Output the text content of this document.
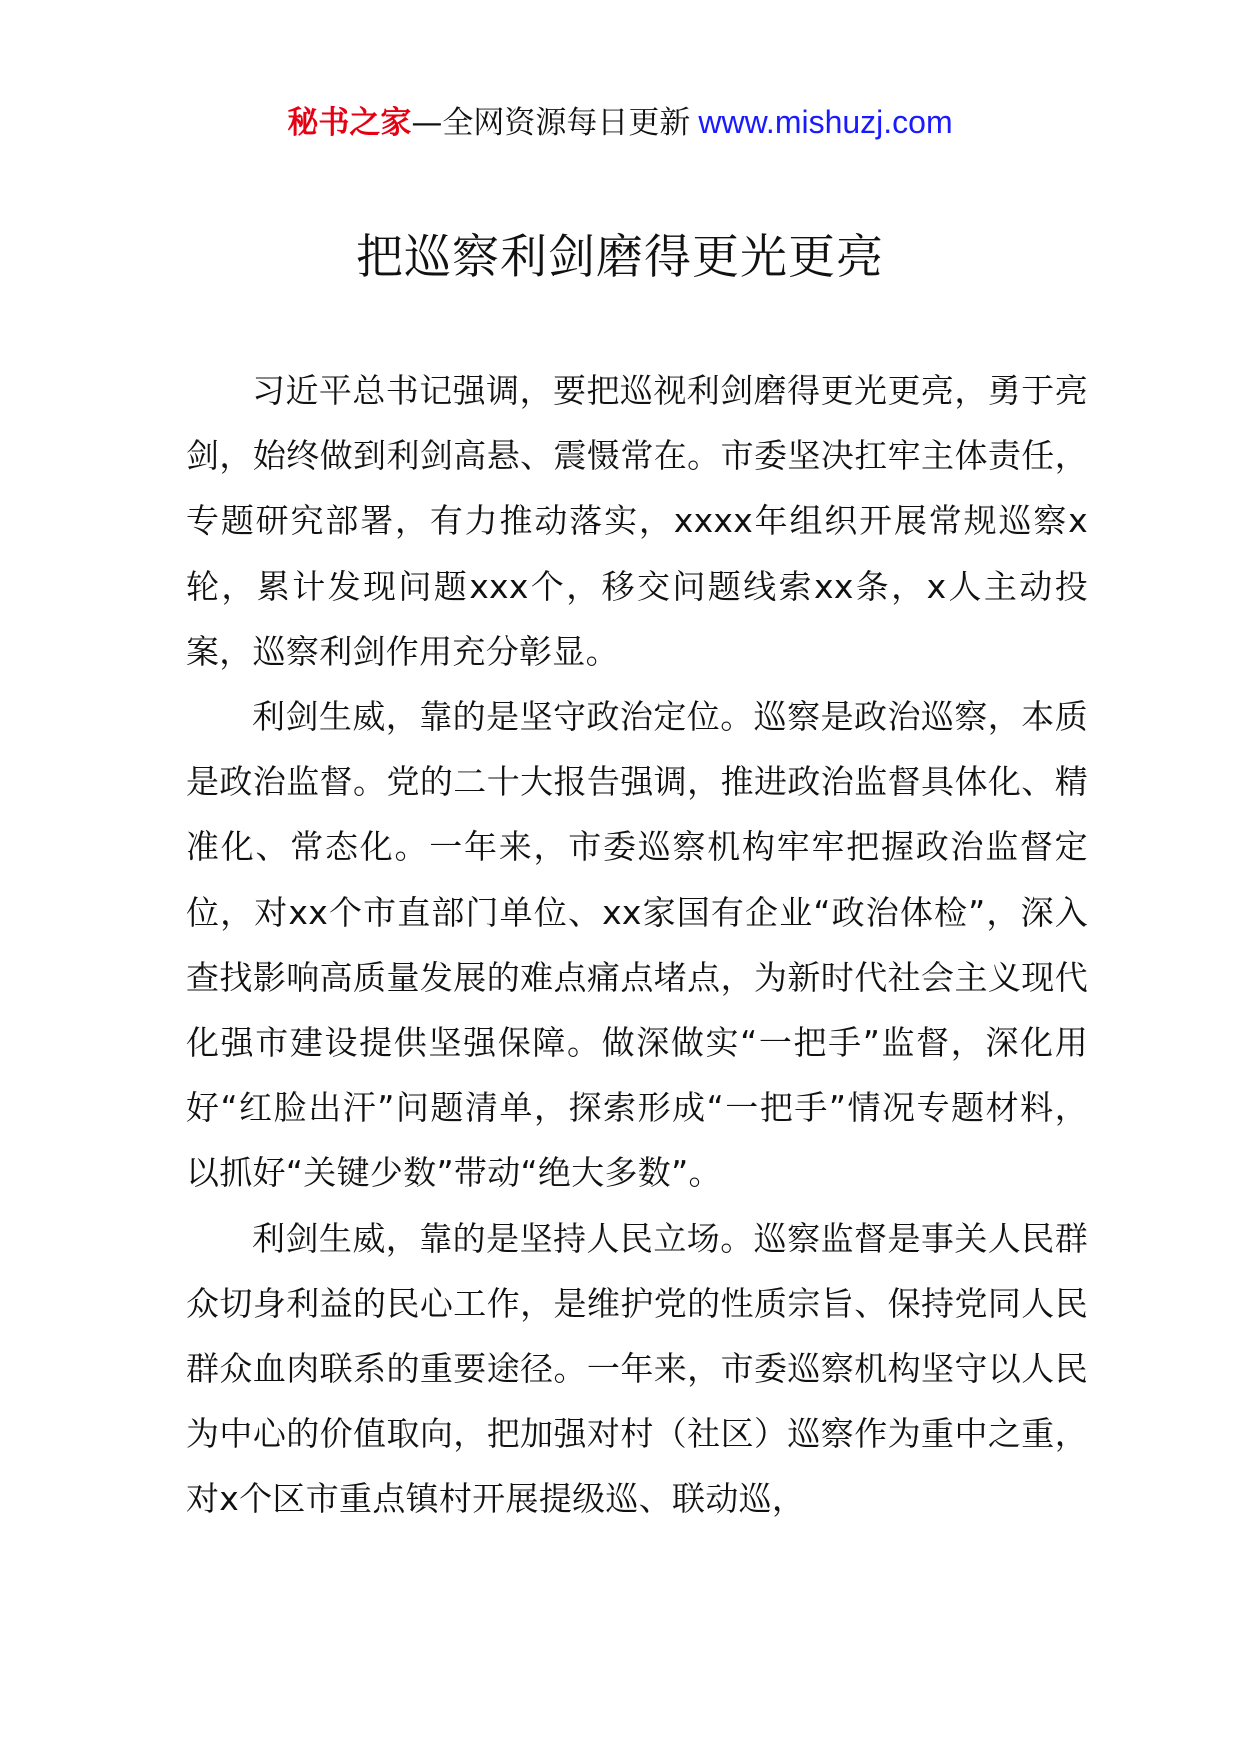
秘书之家—全网资源每日更新 www.mishuzj.com
把巡察利剑磨得更光更亮

习近平总书记强调，要把巡视利剑磨得更光更亮，勇于亮剑，始终做到利剑高悬、震慑常在。市委坚决扛牢主体责任，专题研究部署，有力推动落实，xxxx年组织开展常规巡察x轮，累计发现问题xxx个，移交问题线索xx条，x人主动投案，巡察利剑作用充分彰显。

利剑生威，靠的是坚守政治定位。巡察是政治巡察，本质是政治监督。党的二十大报告强调，推进政治监督具体化、精准化、常态化。一年来，市委巡察机构牢牢把握政治监督定位，对xx个市直部门单位、xx家国有企业“政治体检”，深入查找影响高质量发展的难点痛点堵点，为新时代社会主义现代化强市建设提供坚强保障。做深做实“一把手”监督，深化用好“红脸出汗”问题清单，探索形成“一把手”情况专题材料，以抓好“关键少数”带动“绝大多数”。

利剑生威，靠的是坚持人民立场。巡察监督是事关人民群众切身利益的民心工作，是维护党的性质宗旨、保持党同人民群众血肉联系的重要途径。一年来，市委巡察机构坚守以人民为中心的价值取向，把加强对村（社区）巡察作为重中之重，对x个区市重点镇村开展提级巡、联动巡，
